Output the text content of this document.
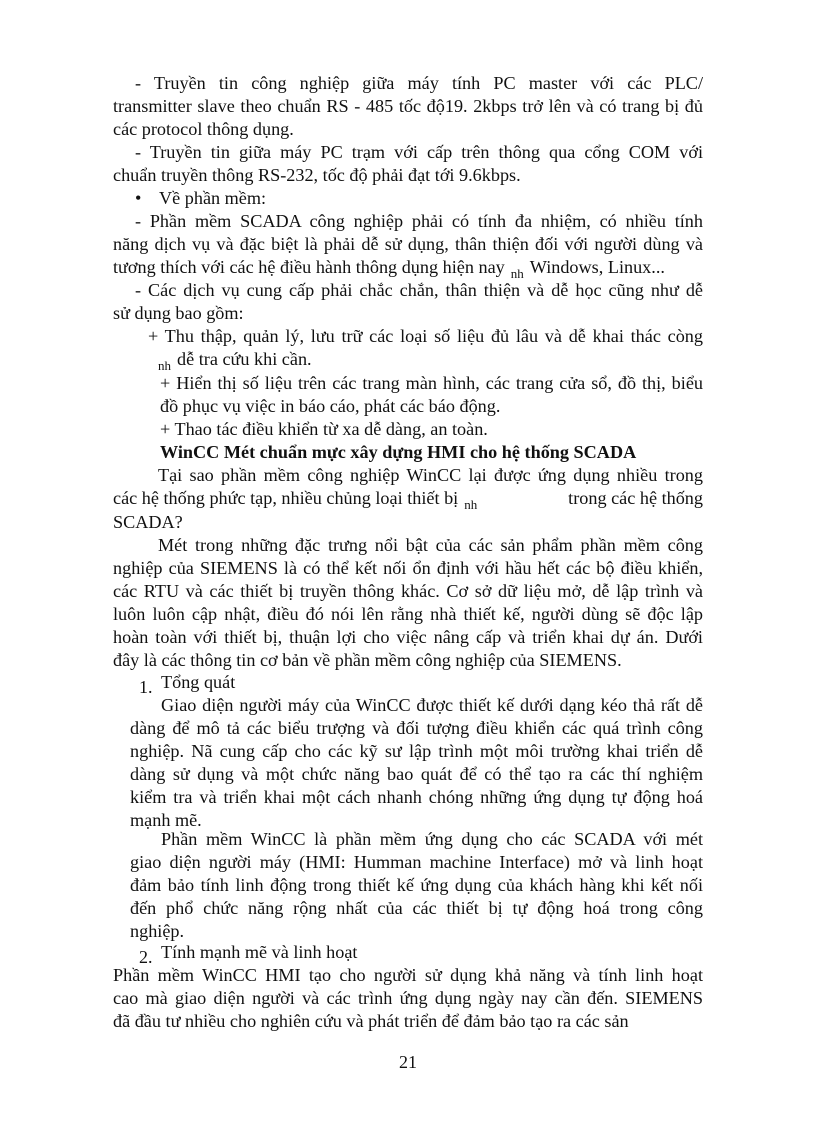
- Truyền tin công nghiệp giữa máy tính PC master với các PLC/
transmitter slave theo chuẩn RS - 485 tốc độ19. 2kbps trở lên và có trang bị đủ
các protocol thông dụng.
- Truyền tin giữa máy PC trạm với cấp trên thông qua cổng COM với
chuẩn truyền thông RS-232, tốc độ phải đạt tới 9.6kbps.
• Về phần mềm:
- Phần mềm SCADA công nghiệp phải có tính đa nhiệm, có nhiều tính
năng dịch vụ và đặc biệt là phải dễ sử dụng, thân thiện đối với người dùng và
tương thích với các hệ điều hành thông dụng hiện nay $_{nh}$ Windows, Linux...
- Các dịch vụ cung cấp phải chắc chắn, thân thiện và dễ học cũng như dễ
sử dụng bao gồm:
+ Thu thập, quản lý, lưu trữ các loại số liệu đủ lâu và dễ khai thác còng
$_{nh}$ dễ tra cứu khi cần.
+ Hiển thị số liệu trên các trang màn hình, các trang cửa sổ, đồ thị, biểu
đồ phục vụ việc in báo cáo, phát các báo động.
+ Thao tác điều khiển từ xa dễ dàng, an toàn.
WinCC Mét chuẩn mực xây dựng HMI cho hệ thống SCADA
Tại sao phần mềm công nghiệp WinCC lại được ứng dụng nhiều trong
các hệ thống phức tạp, nhiều chủng loại thiết bị $_{nh}$	trong các hệ thống
SCADA?
Mét trong những đặc trưng nổi bật của các sản phẩm phần mềm công
nghiệp của SIEMENS là có thể kết nối ổn định với hầu hết các bộ điều khiển,
các RTU và các thiết bị truyền thông khác. Cơ sở dữ liệu mở, dễ lập trình và
luôn luôn cập nhật, điều đó nói lên rằng nhà thiết kế, người dùng sẽ độc lập
hoàn toàn với thiết bị, thuận lợi cho việc nâng cấp và triển khai dự án. Dưới
đây là các thông tin cơ bản về phần mềm công nghiệp của SIEMENS.
1. Tổng quát
Giao diện người máy của WinCC được thiết kế dưới dạng kéo thả rất dễ
dàng để mô tả các biểu trượng và đối tượng điều khiển các quá trình công
nghiệp. Nã cung cấp cho các kỹ sư lập trình một môi trường khai triển dễ
dàng sử dụng và một chức năng bao quát để có thể tạo ra các thí nghiệm
kiểm tra và triển khai một cách nhanh chóng những ứng dụng tự động hoá
mạnh mẽ.
Phần mềm WinCC là phần mềm ứng dụng cho các SCADA với mét
giao diện người máy (HMI: Humman machine Interface) mở và linh hoạt
đảm bảo tính linh động trong thiết kế ứng dụng của khách hàng khi kết nối
đến phổ chức năng rộng nhất của các thiết bị tự động hoá trong công
nghiệp.
2. Tính mạnh mẽ và linh hoạt
Phần mềm WinCC HMI tạo cho người sử dụng khả năng và tính linh hoạt
cao mà giao diện người và các trình ứng dụng ngày nay cần đến. SIEMENS
đã đầu tư nhiều cho nghiên cứu và phát triển để đảm bảo tạo ra các sản
21
